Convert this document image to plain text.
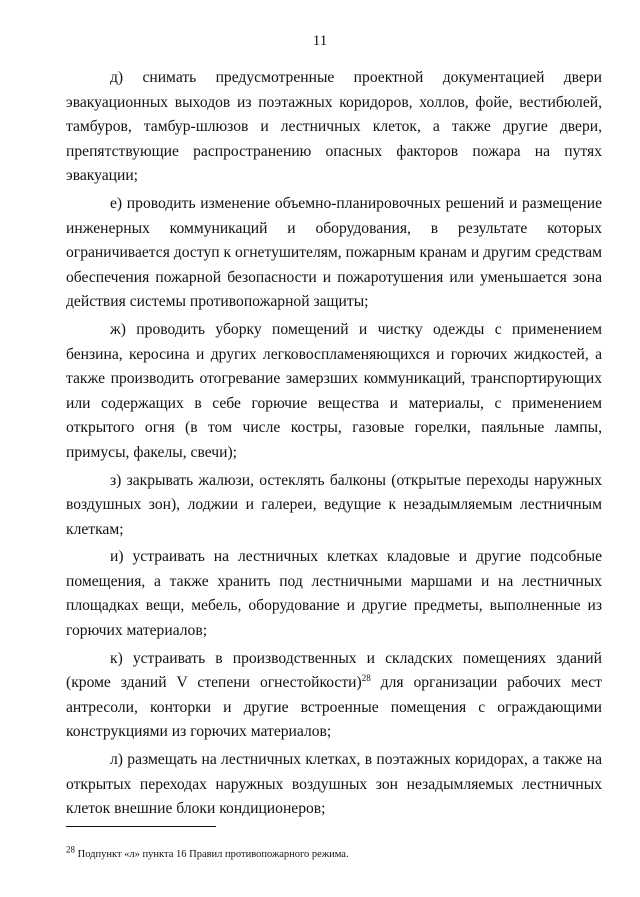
11

д) снимать предусмотренные проектной документацией двери эвакуационных выходов из поэтажных коридоров, холлов, фойе, вестибюлей, тамбуров, тамбур-шлюзов и лестничных клеток, а также другие двери, препятствующие распространению опасных факторов пожара на путях эвакуации;

е) проводить изменение объемно-планировочных решений и размещение инженерных коммуникаций и оборудования, в результате которых ограничивается доступ к огнетушителям, пожарным кранам и другим средствам обеспечения пожарной безопасности и пожаротушения или уменьшается зона действия системы противопожарной защиты;

ж) проводить уборку помещений и чистку одежды с применением бензина, керосина и других легковоспламеняющихся и горючих жидкостей, а также производить отогревание замерзших коммуникаций, транспортирующих или содержащих в себе горючие вещества и материалы, с применением открытого огня (в том числе костры, газовые горелки, паяльные лампы, примусы, факелы, свечи);

з) закрывать жалюзи, остеклять балконы (открытые переходы наружных воздушных зон), лоджии и галереи, ведущие к незадымляемым лестничным клеткам;

и) устраивать на лестничных клетках кладовые и другие подсобные помещения, а также хранить под лестничными маршами и на лестничных площадках вещи, мебель, оборудование и другие предметы, выполненные из горючих материалов;

к) устраивать в производственных и складских помещениях зданий (кроме зданий V степени огнестойкости)$^{28}$ для организации рабочих мест антресоли, конторки и другие встроенные помещения с ограждающими конструкциями из горючих материалов;

л) размещать на лестничных клетках, в поэтажных коридорах, а также на открытых переходах наружных воздушных зон незадымляемых лестничных клеток внешние блоки кондиционеров;

$^{28}$ Подпункт «л» пункта 16 Правил противопожарного режима.
